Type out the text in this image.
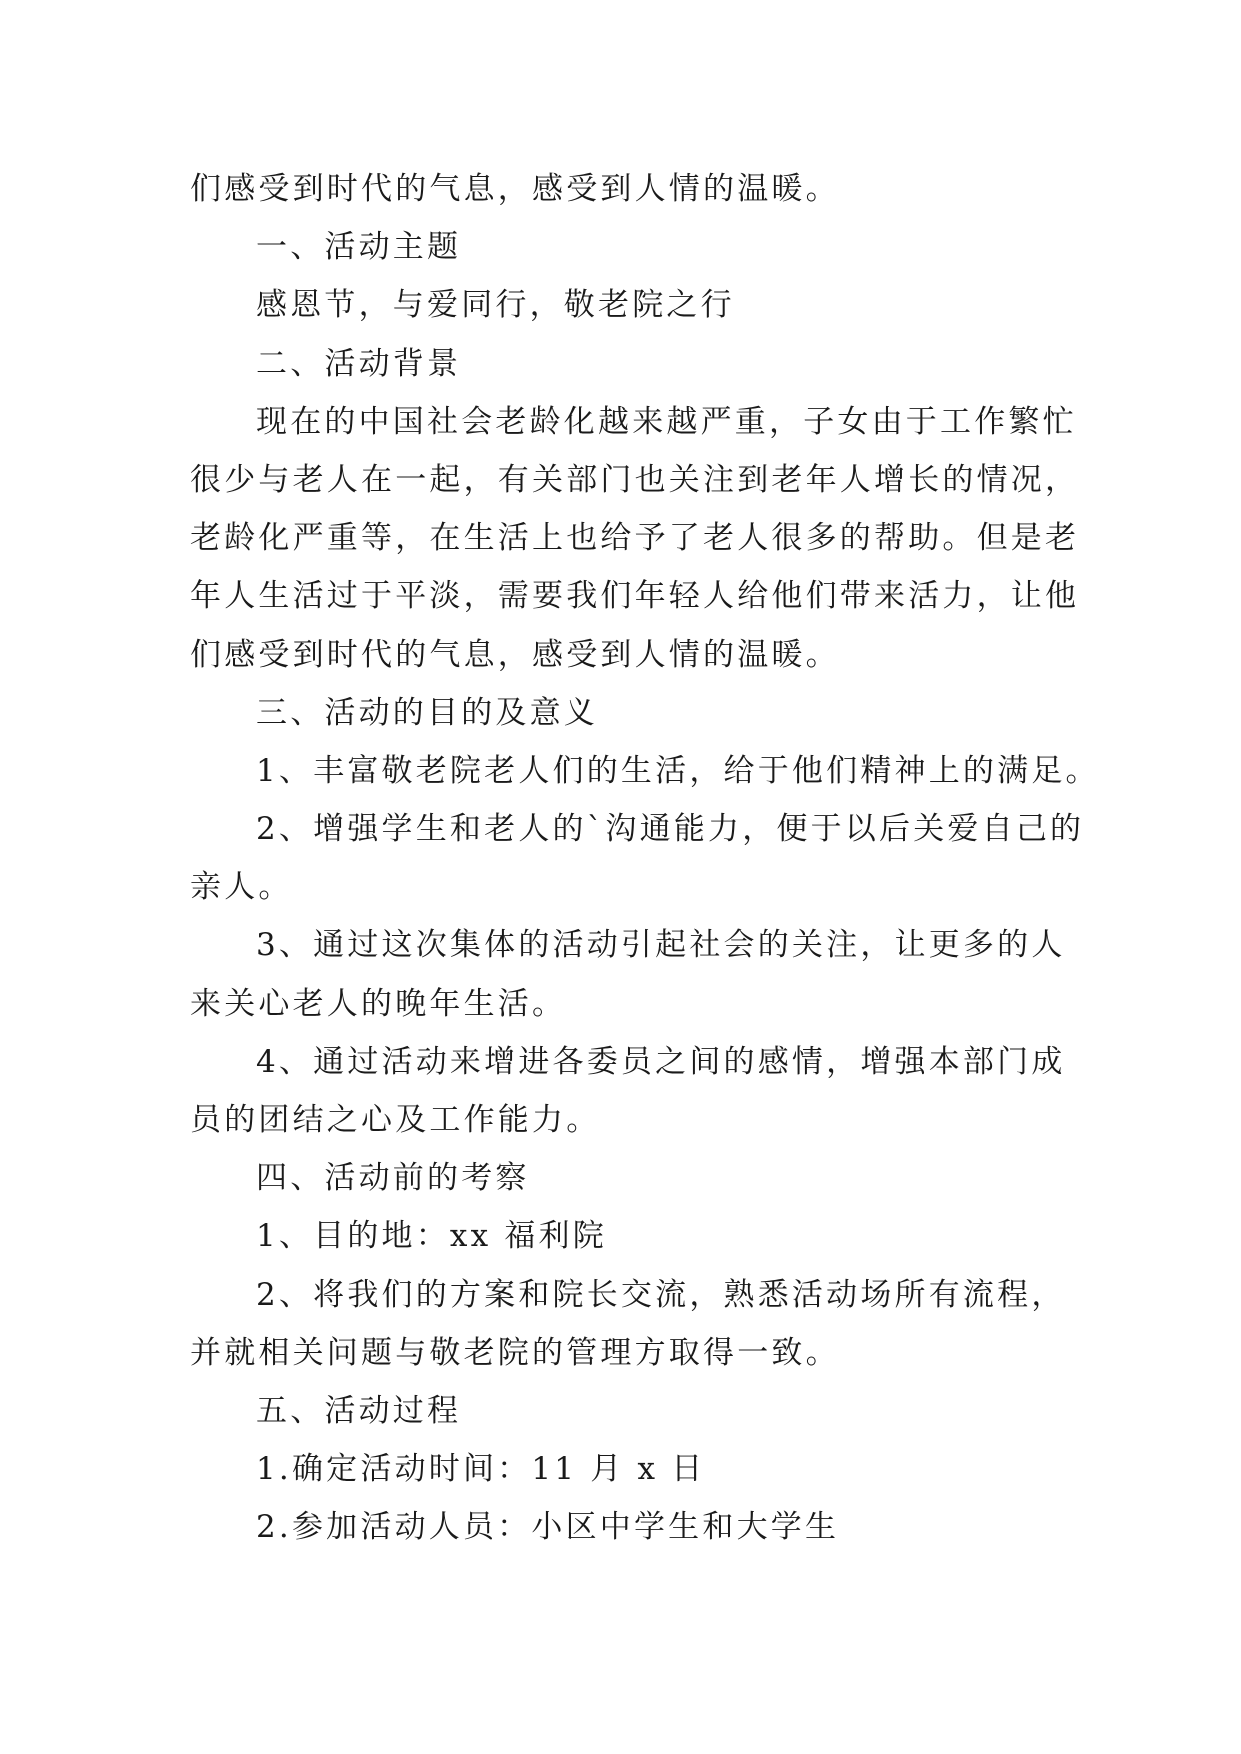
们感受到时代的气息，感受到人情的温暖。
一、活动主题
感恩节，与爱同行，敬老院之行
二、活动背景
现在的中国社会老龄化越来越严重，子女由于工作繁忙
很少与老人在一起，有关部门也关注到老年人增长的情况，
老龄化严重等，在生活上也给予了老人很多的帮助。但是老
年人生活过于平淡，需要我们年轻人给他们带来活力，让他
们感受到时代的气息，感受到人情的温暖。
三、活动的目的及意义
1、丰富敬老院老人们的生活，给于他们精神上的满足。
2、增强学生和老人的`沟通能力，便于以后关爱自己的
亲人。
3、通过这次集体的活动引起社会的关注，让更多的人
来关心老人的晚年生活。
4、通过活动来增进各委员之间的感情，增强本部门成
员的团结之心及工作能力。
四、活动前的考察
1、目的地：xx 福利院
2、将我们的方案和院长交流，熟悉活动场所有流程，
并就相关问题与敬老院的管理方取得一致。
五、活动过程
1.确定活动时间：11 月 x 日
2.参加活动人员：小区中学生和大学生
